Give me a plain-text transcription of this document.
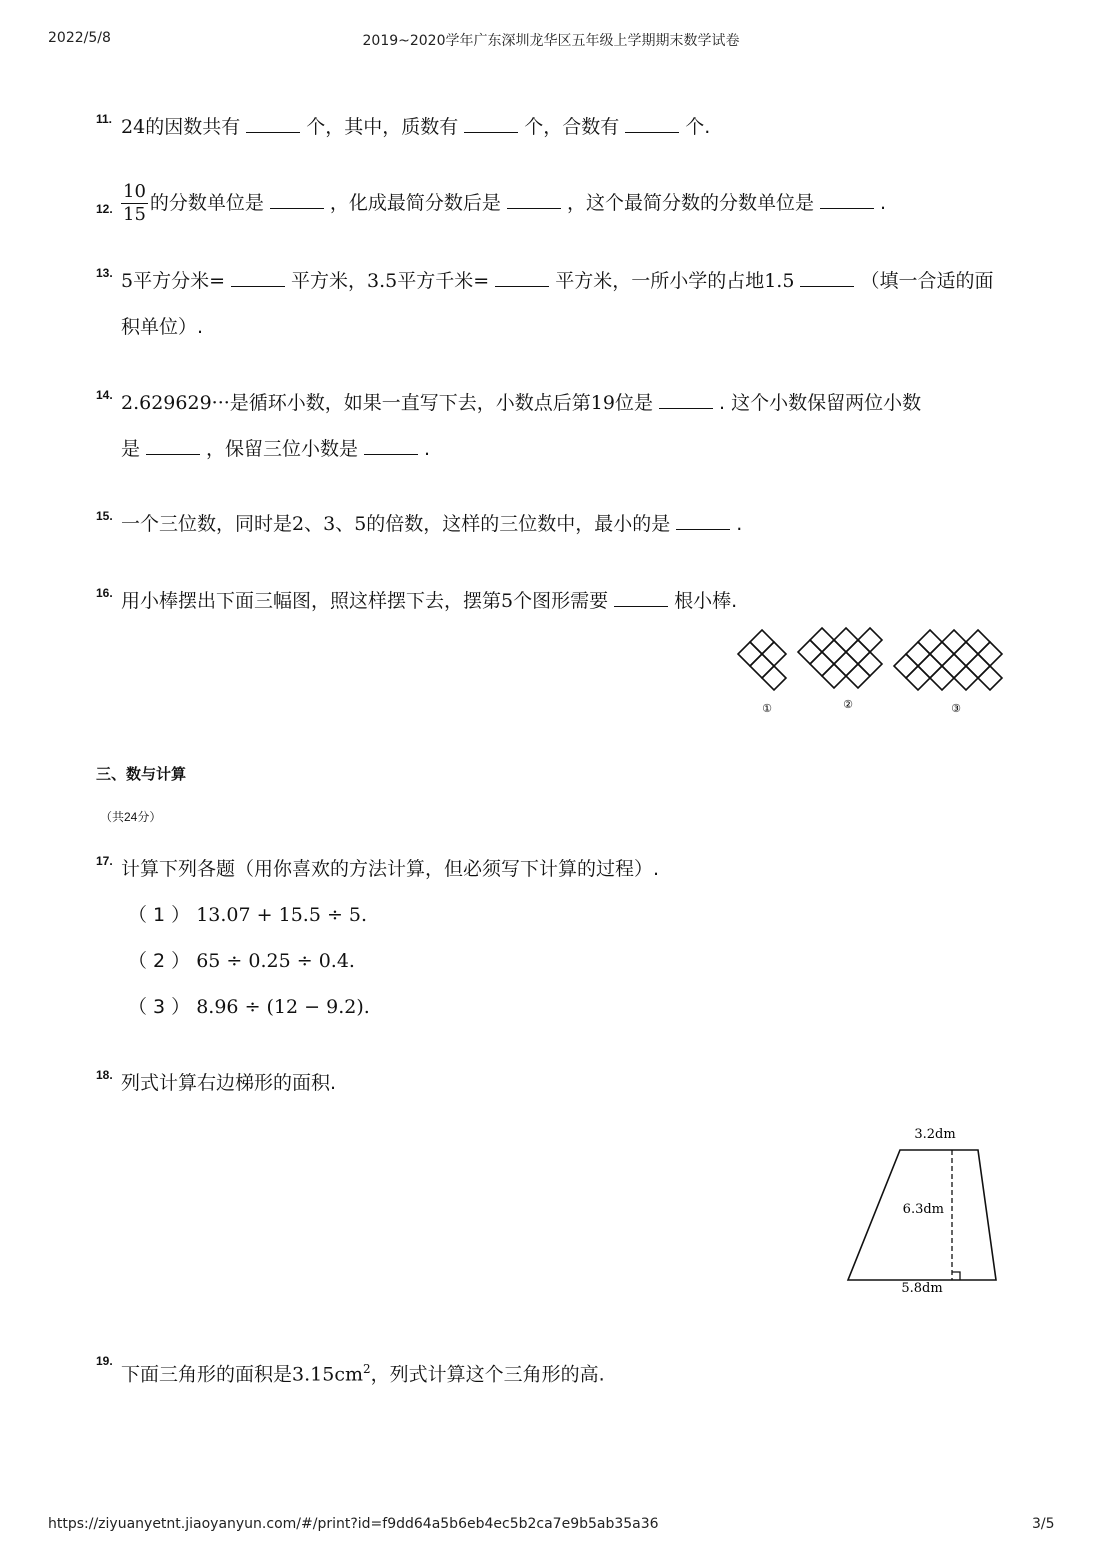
2022/5/8	2019~2020学年广东深圳龙华区五年级上学期期末数学试卷
11. 24的因数共有	个，其中，质数有	个，合数有	个.
12. $\frac{10}{15}$ 的分数单位是	，化成最简分数后是	，这个最简分数的分数单位是	.
13. 5平方分米=	平方米，3.5平方千米=	平方米，一所小学的占地1.5	（填一合适的面
积单位）.
14. 2.629629···是循环小数，如果一直写下去，小数点后第19位是	. 这个小数保留两位小数
是	，保留三位小数是	.
15. 一个三位数，同时是2、3、5的倍数，这样的三位数中，最小的是	.
16. 用小棒摆出下面三幅图，照这样摆下去，摆第5个图形需要	根小棒.
①	②	③
三、数与计算
（共24分）
17. 计算下列各题（用你喜欢的方法计算，但必须写下计算的过程）.
（ 1 ） 13.07 + 15.5 ÷ 5.
（ 2 ） 65 ÷ 0.25 ÷ 0.4.
（ 3 ） 8.96 ÷ (12 − 9.2).
18. 列式计算右边梯形的面积.
3.2dm
6.3dm
5.8dm
19.
下面三角形的面积是$3.15cm^2$，列式计算这个三角形的高.
https://ziyuanyetnt.jiaoyanyun.com/#/print?id=f9dd64a5b6eb4ec5b2ca7e9b5ab35a36	3/5
